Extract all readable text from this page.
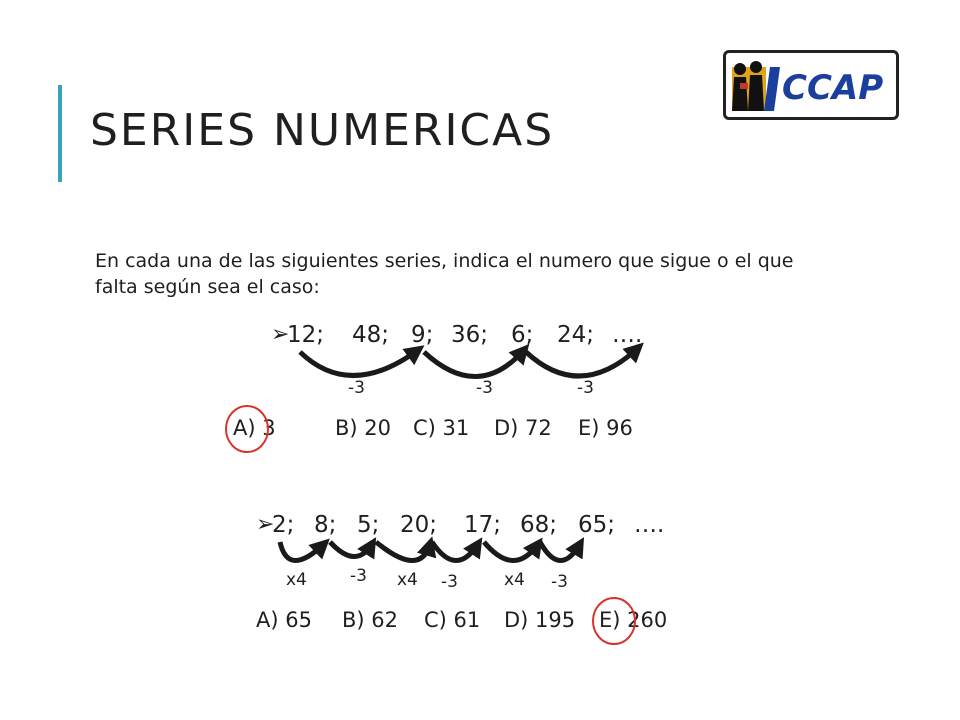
SERIES NUMERICAS
CCAP
En cada una de las siguientes series, indica el numero que sigue o el que falta según sea el caso:
➢
12; 48; 9; 36; 6; 24; ….
-3	-3	-3
A) 3	B) 20 C) 31 D) 72 E) 96
➢
2; 8; 5; 20; 17; 68; 65; ….
x4	-3 x4 -3	x4 -3
A) 65 B) 62 C) 61 D) 195 E) 260
